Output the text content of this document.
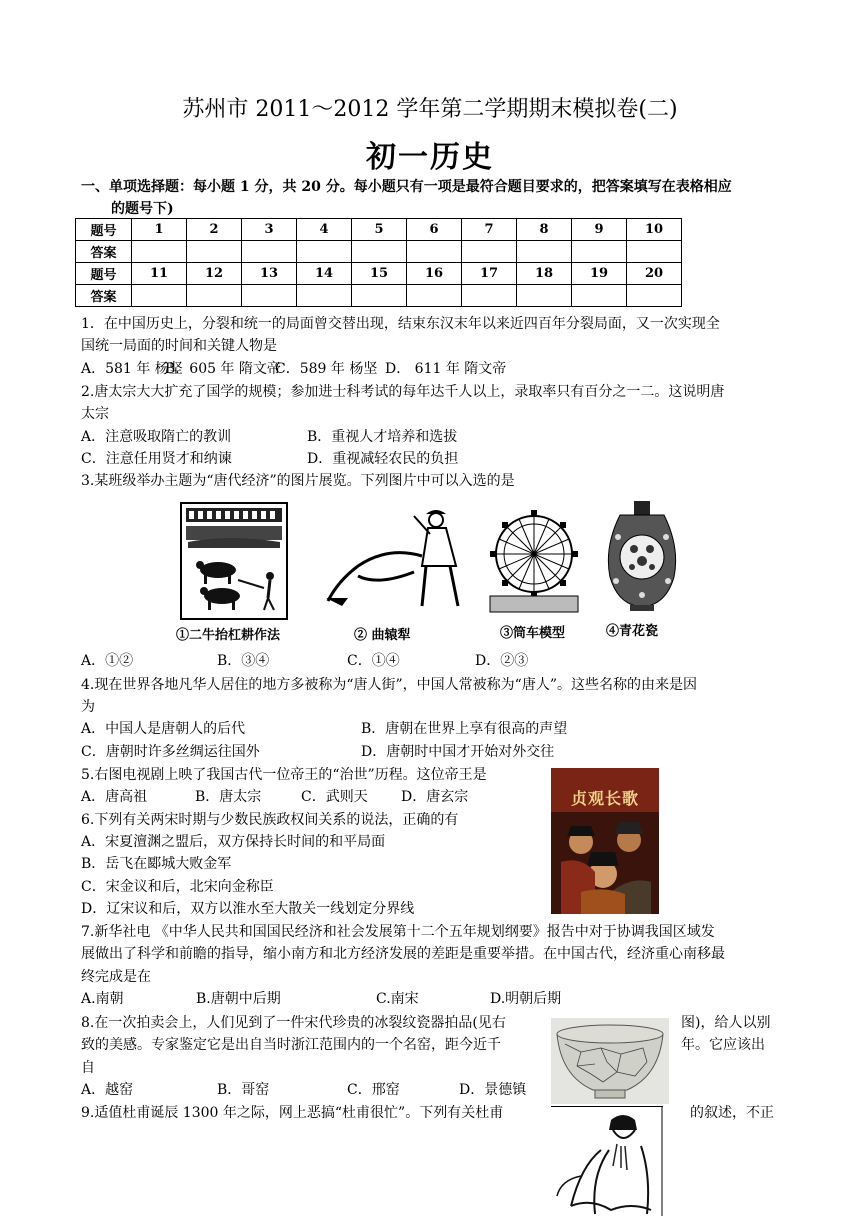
苏州市 2011～2012 学年第二学期期末模拟卷(二)
初一历史
一、单项选择题：每小题 1 分，共 20 分。每小题只有一项是最符合题目要求的，把答案填写在表格相应
的题号下)
题号	1	2	3	4	5	6	7	8	9	10
答案										
题号	11	12	13	14	15	16	17	18	19	20
答案										
1．在中国历史上，分裂和统一的局面曾交替出现，结束东汉末年以来近四百年分裂局面，又一次实现全
国统一局面的时间和关键人物是
A．581 年 杨坚B．605 年 隋文帝C．589 年 杨坚 D． 611 年 隋文帝
2.唐太宗大大扩充了国学的规模；参加进士科考试的每年达千人以上，录取率只有百分之一二。这说明唐
太宗
A．注意吸取隋亡的教训	B．重视人才培养和选拔
C．注意任用贤才和纳谏	D．重视减轻农民的负担
3.某班级举办主题为“唐代经济”的图片展览。下列图片中可以入选的是
①二牛抬杠耕作法	② 曲辕犁	③筒车模型	④青花瓷
A．①②	B．③④	C．①④	D．②③
4.现在世界各地凡华人居住的地方多被称为“唐人街”，中国人常被称为“唐人”。这些名称的由来是因
为
A．中国人是唐朝人的后代	B．唐朝在世界上享有很高的声望
C．唐朝时许多丝绸运往国外	D．唐朝时中国才开始对外交往
5.右图电视剧上映了我国古代一位帝王的“治世”历程。这位帝王是
A．唐高祖	B．唐太宗	C．武则天 D．唐玄宗	贞观长歌
6.下列有关两宋时期与少数民族政权间关系的说法，正确的有
A．宋夏澶渊之盟后，双方保持长时间的和平局面
B．岳飞在郾城大败金军
C．宋金议和后，北宋向金称臣
D．辽宋议和后，双方以淮水至大散关一线划定分界线
7.新华社电 《中华人民共和国国民经济和社会发展第十二个五年规划纲要》报告中对于协调我国区域发
展做出了科学和前瞻的指导，缩小南方和北方经济发展的差距是重要举措。在中国古代，经济重心南移最
终完成是在
A.南朝	B.唐朝中后期	C.南宋	D.明朝后期
8.在一次拍卖会上，人们见到了一件宋代珍贵的冰裂纹瓷器拍品(见右	图)，给人以别
致的美感。专家鉴定它是出自当时浙江范围内的一个名窑，距今近千	年。它应该出
自
A．越窑	B．哥窑	C．邢窑	D．景德镇
9.适值杜甫诞辰 1300 年之际，网上恶搞“杜甫很忙”。下列有关杜甫	的叙述，不正
